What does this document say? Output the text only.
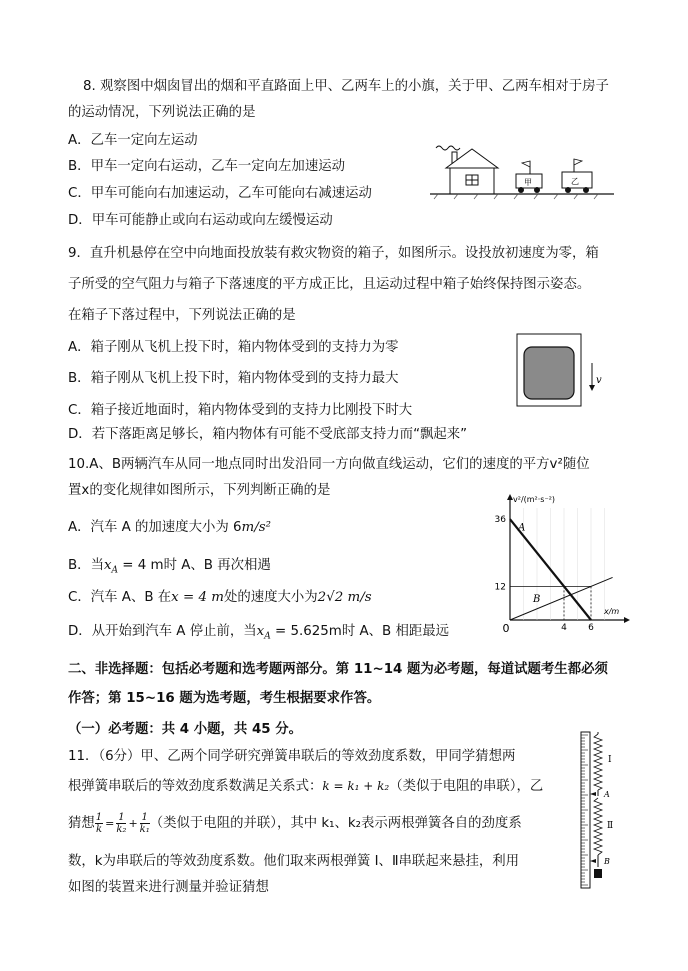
8. 观察图中烟囱冒出的烟和平直路面上甲、乙两车上的小旗，关于甲、乙两车相对于房子
的运动情况，下列说法正确的是
A．乙车一定向左运动
B．甲车一定向右运动，乙车一定向左加速运动
C．甲车可能向右加速运动，乙车可能向右减速运动
D．甲车可能静止或向右运动或向左缓慢运动
甲	乙
9．直升机悬停在空中向地面投放装有救灾物资的箱子，如图所示。设投放初速度为零，箱
子所受的空气阻力与箱子下落速度的平方成正比，且运动过程中箱子始终保持图示姿态。
在箱子下落过程中，下列说法正确的是
A．箱子刚从飞机上投下时，箱内物体受到的支持力为零
B．箱子刚从飞机上投下时，箱内物体受到的支持力最大
C．箱子接近地面时，箱内物体受到的支持力比刚投下时大
D．若下落距离足够长，箱内物体有可能不受底部支持力而“飘起来”
v
10.A、B两辆汽车从同一地点同时出发沿同一方向做直线运动，它们的速度的平方v²随位
置x的变化规律如图所示，下列判断正确的是
A．汽车 A 的加速度大小为 6m/s²
B．当$x_A = 4$ m时 A、B 再次相遇
C．汽车 A、B 在x = 4 m处的速度大小为2√2 m/s
D．从开始到汽车 A 停止前，当$x_A = 5.625m$时 A、B 相距最远
36
12
0	4 6
v²/(m²·s⁻²)
x/m
A
B
二、非选择题：包括必考题和选考题两部分。第 11~14 题为必考题，每道试题考生都必须
作答；第 15~16 题为选考题，考生根据要求作答。
（一）必考题：共 4 小题，共 45 分。
11．（6分）甲、乙两个同学研究弹簧串联后的等效劲度系数，甲同学猜想两
根弹簧串联后的等效劲度系数满足关系式：k = k₁ + k₂（类似于电阻的串联），乙
猜想 $\frac{1}{k} = \frac{1}{\text{k₂}} + \frac{1}{\text{k₁}}$ （类似于电阻的并联），其中 k₁、k₂表示两根弹簧各自的劲度系
数，k为串联后的等效劲度系数。他们取来两根弹簧 Ⅰ、Ⅱ串联起来悬挂，利用
如图的装置来进行测量并验证猜想
Ⅰ
A
Ⅱ
B
